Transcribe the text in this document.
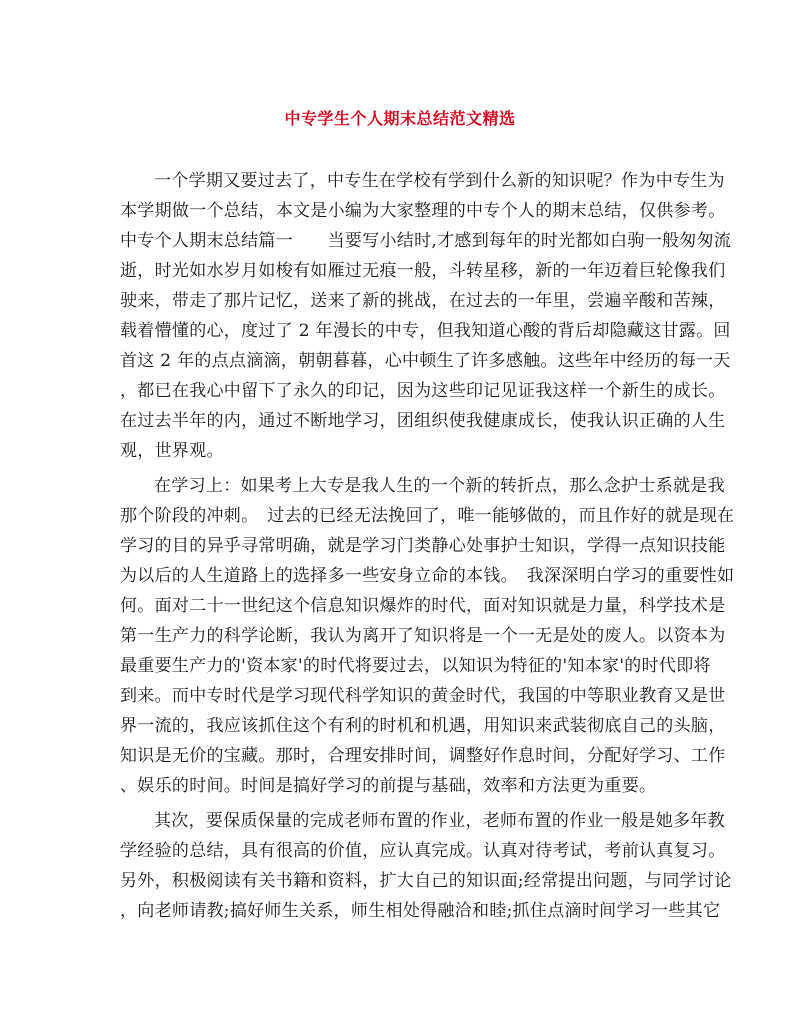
中专学生个人期末总结范文精选
一个学期又要过去了，中专生在学校有学到什么新的知识呢？作为中专生为
本学期做一个总结，本文是小编为大家整理的中专个人的期末总结，仅供参考。
中专个人期末总结篇一　　当要写小结时,才感到每年的时光都如白驹一般匆匆流
逝，时光如水岁月如梭有如雁过无痕一般，斗转星移，新的一年迈着巨轮像我们
驶来，带走了那片记忆，送来了新的挑战，在过去的一年里，尝遍辛酸和苦辣，
载着懵懂的心，度过了 2 年漫长的中专，但我知道心酸的背后却隐藏这甘露。回
首这 2 年的点点滴滴，朝朝暮暮，心中顿生了许多感触。这些年中经历的每一天
，都已在我心中留下了永久的印记，因为这些印记见证我这样一个新生的成长。
在过去半年的内，通过不断地学习，团组织使我健康成长，使我认识正确的人生
观，世界观。
在学习上：如果考上大专是我人生的一个新的转折点，那么念护士系就是我
那个阶段的冲刺。　过去的已经无法挽回了，唯一能够做的，而且作好的就是现在
学习的目的异乎寻常明确，就是学习门类静心处事护士知识，学得一点知识技能
为以后的人生道路上的选择多一些安身立命的本钱。　我深深明白学习的重要性如
何。面对二十一世纪这个信息知识爆炸的时代，面对知识就是力量，科学技术是
第一生产力的科学论断，我认为离开了知识将是一个一无是处的废人。以资本为
最重要生产力的'资本家'的时代将要过去，以知识为特征的'知本家'的时代即将
到来。而中专时代是学习现代科学知识的黄金时代，我国的中等职业教育又是世
界一流的，我应该抓住这个有利的时机和机遇，用知识来武装彻底自己的头脑，
知识是无价的宝藏。那时，合理安排时间，调整好作息时间，分配好学习、工作
、娱乐的时间。时间是搞好学习的前提与基础，效率和方法更为重要。
其次，要保质保量的完成老师布置的作业，老师布置的作业一般是她多年教
学经验的总结，具有很高的价值，应认真完成。认真对待考试，考前认真复习。
另外，积极阅读有关书籍和资料，扩大自己的知识面;经常提出问题，与同学讨论
，向老师请教;搞好师生关系，师生相处得融洽和睦;抓住点滴时间学习一些其它
